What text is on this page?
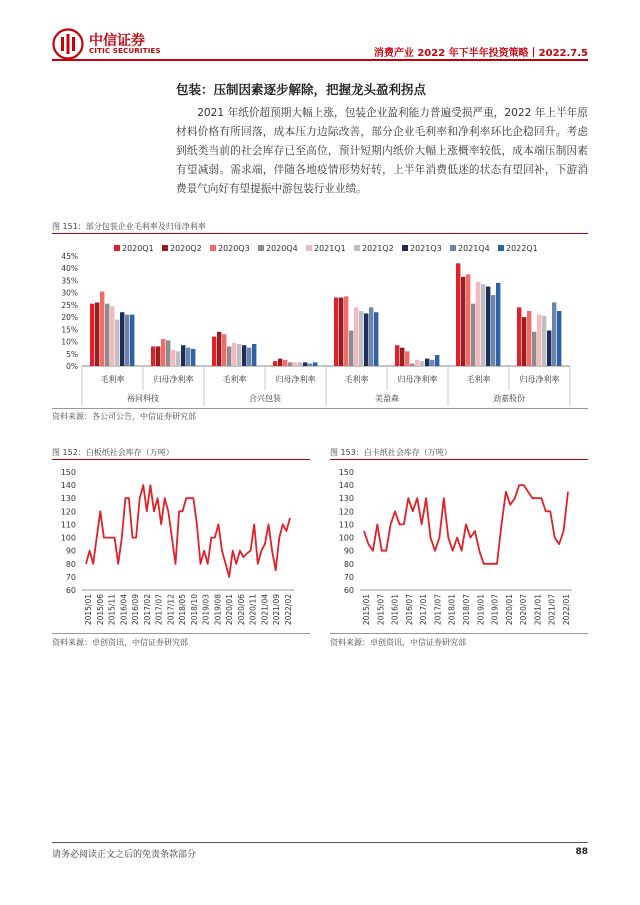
中信证券
CITIC SECURITIES	消费产业 2022 年下半年投资策略丨2022.7.5
包装：压制因素逐步解除，把握龙头盈利拐点
2021 年纸价超预期大幅上涨，包装企业盈利能力普遍受损严重，2022 年上半年原材料价格有所回落，成本压力边际改善，部分企业毛利率和净利率环比企稳回升。考虑到纸类当前的社会库存已至高位，预计短期内纸价大幅上涨概率较低，成本端压制因素有望减弱。需求端，伴随各地疫情形势好转，上半年消费低迷的状态有望回补，下游消费景气向好有望提振中游包装行业业绩。
图 151：部分包装企业毛利率及归母净利率
2020Q1 2020Q2 2020Q3 2020Q4 2021Q1 2021Q2 2021Q3 2021Q4 2022Q1
0%
5%
10%
15%
20%
25%
30%
35%
40%
45%
毛利率	归母净利率	毛利率	归母净利率	毛利率	归母净利率	毛利率	归母净利率
裕同科技	合兴包装	美盈森	劲嘉股份
资料来源：各公司公告，中信证券研究部
图 152：白板纸社会库存（万吨）
60
70
80
90
100
110
120
130
140
150
2015/01 2015/06 2015/11 2016/04 2016/09 2017/02 2017/07 2017/12 2018/05 2018/10 2019/03 2019/08 2020/01 2020/06 2020/11 2021/04 2021/09 2022/02
资料来源：卓创资讯，中信证券研究部
图 153：白卡纸社会库存（万吨）
60
70
80
90
100
110
120
130
140
150
2015/01 2015/07 2016/01 2016/07 2017/01 2017/07 2018/01 2018/07 2019/01 2019/07 2020/01 2020/07 2021/01 2021/07 2022/01
资料来源：卓创资讯，中信证券研究部
请务必阅读正文之后的免责条款部分	88
